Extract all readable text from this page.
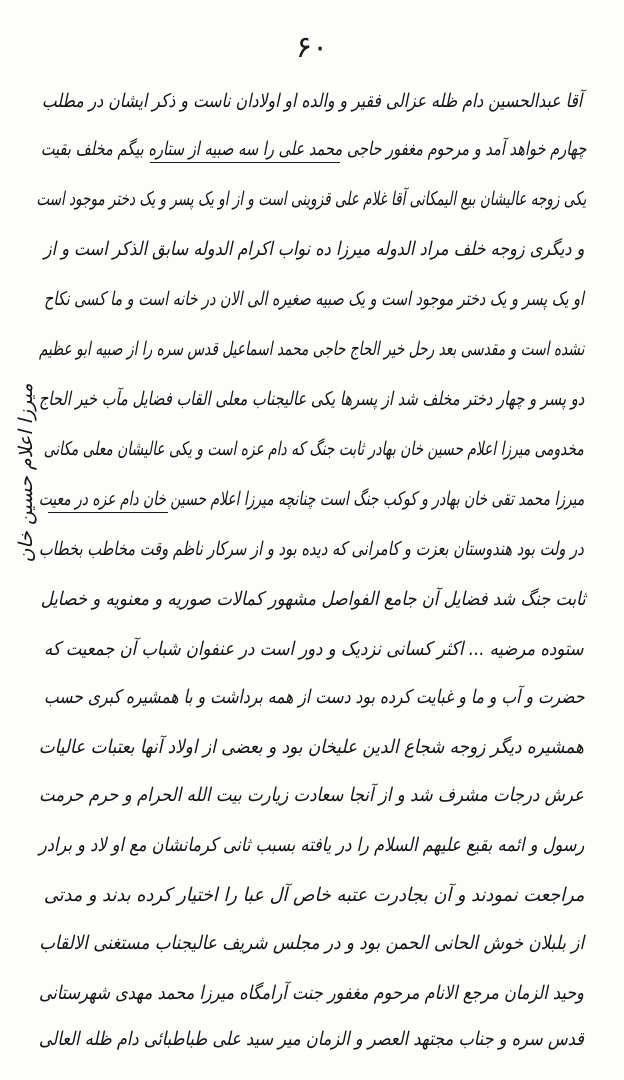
۶۰
آقا عبدالحسین دام ظله عزالی فقیر و والده او اولادان ناست و ذکر ایشان در مطلب
چهارم خواهد آمد و مرحوم مغفور حاجی محمد علی را سه صبیه از ستاره بیگم مخلف بقیت
یکی زوجه عالیشان بیع الیمکانی آقا غلام علی قزوینی است و از او یک پسر و یک دختر موجود است
و دیگری زوجه خلف مراد الدوله میرزا ده نواب اکرام الدوله سابق الذکر است و از
او یک پسر و یک دختر موجود است و یک صبیه صغیره الی الان در خانه است و ما کسی نکاح
نشده است و مقدسی بعد رحل خیر الحاج حاجی محمد اسماعیل قدس سره را از صبیه ابو عظیم
دو پسر و چهار دختر مخلف شد از پسرها یکی عالیجناب معلی القاب فضایل مآب خیر الحاج
مخدومی میرزا اعلام حسین خان بهادر ثابت جنگ که دام عزه است و یکی عالیشان معلی مکانی
میرزا محمد تقی خان بهادر و کوکب جنگ است چنانچه میرزا اعلام حسین خان دام عزه در معیت
در ولت بود هندوستان بعزت و کامرانی که دیده بود و از سرکار ناظم وقت مخاطب بخطاب
ثابت جنگ شد فضایل آن جامع الفواصل مشهور کمالات صوریه و معنویه و خصایل
ستوده مرضیه ... اکثر کسانی نزدیک و دور است در عنفوان شباب آن جمعیت که
حضرت و آب و ما و غبایت کرده بود دست از همه برداشت و با همشیره کبری حسب
همشیره دیگر زوجه شجاع الدین علیخان بود و بعضی از اولاد آنها بعتبات عالیات
عرش درجات مشرف شد و از آنجا سعادت زیارت بیت الله الحرام و حرم حرمت
رسول و ائمه بقیع علیهم السلام را در یافته بسبب ثانی کرمانشان مع او لاد و برادر
مراجعت نمودند و آن بجادرت عتبه خاص آل عبا را اختیار کرده بدند و مدتی
از بلبلان خوش الحانی الحمن بود و در مجلس شریف عالیجناب مستغنی الالقاب
وحید الزمان مرجع الانام مرحوم مغفور جنت آرامگاه میرزا محمد مهدی شهرستانی
قدس سره و جناب مجتهد العصر و الزمان میر سید علی طباطبائی دام ظله العالی
میرزا اعلام حسین خان
